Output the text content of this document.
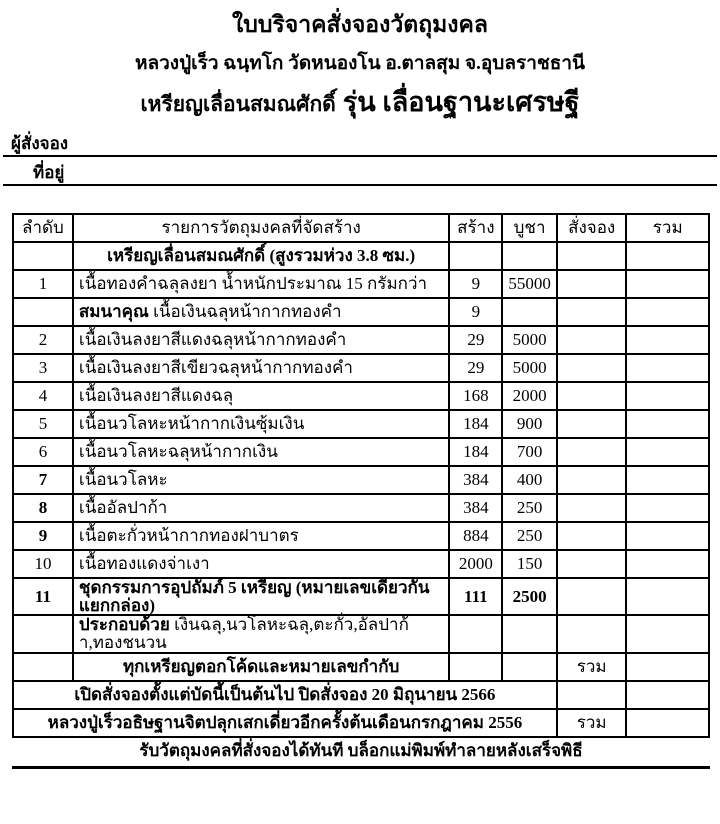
ใบบริจาคสั่งจองวัตถุมงคล
หลวงปู่เร็ว ฉนฺทโก วัดหนองโน อ.ตาลสุม จ.อุบลราชธานี
เหรียญเลื่อนสมณศักดิ์ รุ่น เลื่อนฐานะเศรษฐี
ผู้สั่งจอง
ที่อยู่
ลำดับ	รายการวัตถุมงคลที่จัดสร้าง	สร้าง	บูชา	สั่งจอง	รวม
	เหรียญเลื่อนสมณศักดิ์ (สูงรวมห่วง 3.8 ซม.)				
1	เนื้อทองคำฉลุลงยา น้ำหนักประมาณ 15 กรัมกว่า	9	55000		
	สมนาคุณ เนื้อเงินฉลุหน้ากากทองคำ	9			
2	เนื้อเงินลงยาสีแดงฉลุหน้ากากทองคำ	29	5000		
3	เนื้อเงินลงยาสีเขียวฉลุหน้ากากทองคำ	29	5000		
4	เนื้อเงินลงยาสีแดงฉลุ	168	2000		
5	เนื้อนวโลหะหน้ากากเงินซุ้มเงิน	184	900		
6	เนื้อนวโลหะฉลุหน้ากากเงิน	184	700		
7	เนื้อนวโลหะ	384	400		
8	เนื้ออัลปาก้า	384	250		
9	เนื้อตะกั่วหน้ากากทองฝาบาตร	884	250		
10	เนื้อทองแดงจ่าเงา	2000	150		
11	ชุดกรรมการอุปถัมภ์ 5 เหรียญ (หมายเลขเดียวกันแยกกล่อง)	111	2500		
	ประกอบด้วย เงินฉลุ,นวโลหะฉลุ,ตะกั่ว,อัลปาก้า,ทองชนวน				
	ทุกเหรียญตอกโค้ดและหมายเลขกำกับ			รวม	
เปิดสั่งจองตั้งแต่บัดนี้เป็นต้นไป ปิดสั่งจอง 20 มิถุนายน 2566					
หลวงปู่เร็วอธิษฐานจิตปลุกเสกเดี่ยวอีกครั้งต้นเดือนกรกฎาคม 2556				รวม	
รับวัตถุมงคลที่สั่งจองได้ทันที บล็อกแม่พิมพ์ทำลายหลังเสร็จพิธี
